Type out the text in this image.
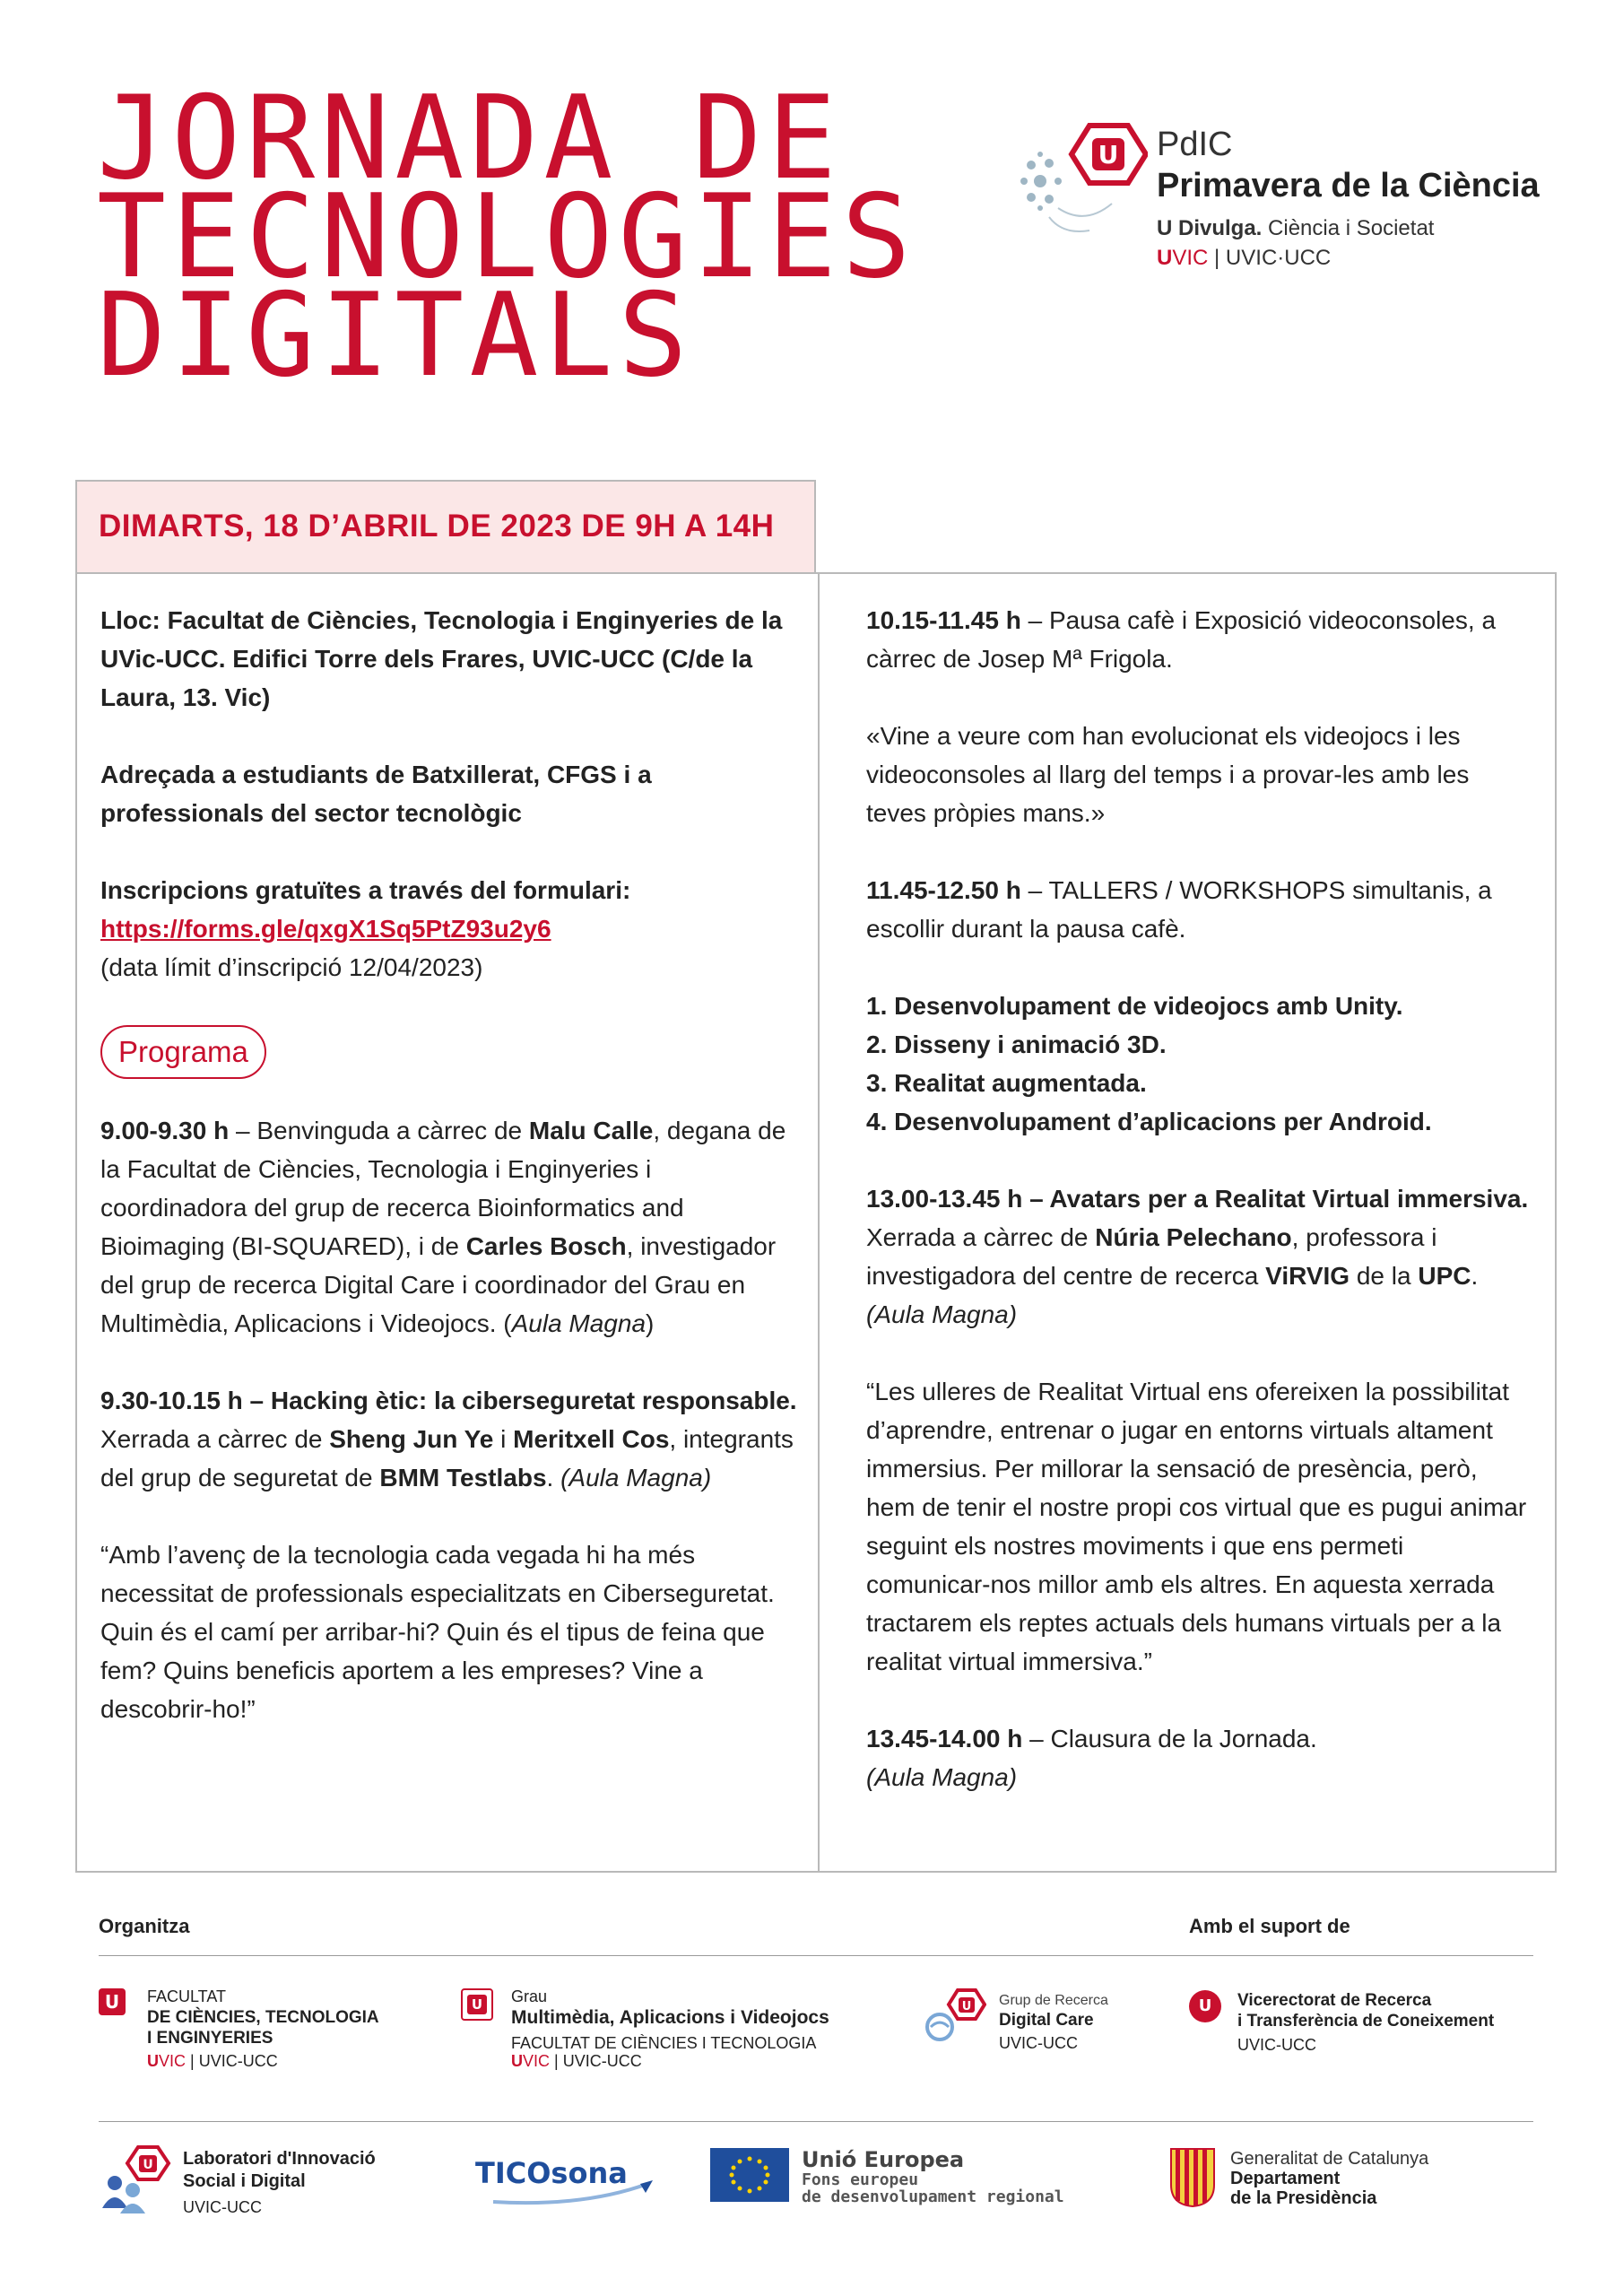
JORNADA DE
TECNOLOGIES
DIGITALS
U PdIC
Primavera de la Ciència
U Divulga. Ciència i Societat
UVIC | UVIC·UCC
DIMARTS, 18 D’ABRIL DE 2023 DE 9H A 14H

Lloc: Facultat de Ciències, Tecnologia i Enginyeries de la UVic-UCC. Edifici Torre dels Frares, UVIC-UCC (C/de la Laura, 13. Vic)

Adreçada a estudiants de Batxillerat, CFGS i a professionals del sector tecnològic

Inscripcions gratuïtes a través del formulari:
https://forms.gle/qxgX1Sq5PtZ93u2y6
(data límit d’inscripció 12/04/2023)

Programa

9.00-9.30 h – Benvinguda a càrrec de Malu Calle, degana de la Facultat de Ciències, Tecnologia i Enginyeries i coordinadora del grup de recerca Bioinformatics and Bioimaging (BI-SQUARED), i de Carles Bosch, investigador del grup de recerca Digital Care i coordinador del Grau en Multimèdia, Aplicacions i Videojocs. (Aula Magna)

9.30-10.15 h – Hacking ètic: la ciberseguretat responsable. Xerrada a càrrec de Sheng Jun Ye i Meritxell Cos, integrants del grup de seguretat de BMM Testlabs. (Aula Magna)

“Amb l’avenç de la tecnologia cada vegada hi ha més necessitat de professionals especialitzats en Ciberseguretat. Quin és el camí per arribar-hi? Quin és el tipus de feina que fem? Quins beneficis aportem a les empreses? Vine a descobrir-ho!”

10.15-11.45 h – Pausa cafè i Exposició videoconsoles, a càrrec de Josep Mª Frigola.

«Vine a veure com han evolucionat els videojocs i les videoconsoles al llarg del temps i a provar-les amb les teves pròpies mans.»

11.45-12.50 h – TALLERS / WORKSHOPS simultanis, a escollir durant la pausa cafè.

1. Desenvolupament de videojocs amb Unity.
2. Disseny i animació 3D.
3. Realitat augmentada.
4. Desenvolupament d’aplicacions per Android.

13.00-13.45 h – Avatars per a Realitat Virtual immersiva. Xerrada a càrrec de Núria Pelechano, professora i investigadora del centre de recerca ViRVIG de la UPC. (Aula Magna)

“Les ulleres de Realitat Virtual ens ofereixen la possibilitat d’aprendre, entrenar o jugar en entorns virtuals altament immersius. Per millorar la sensació de presència, però, hem de tenir el nostre propi cos virtual que es pugui animar seguint els nostres moviments i que ens permeti comunicar-nos millor amb els altres. En aquesta xerrada tractarem els reptes actuals dels humans virtuals per a la realitat virtual immersiva.”

13.45-14.00 h – Clausura de la Jornada.
(Aula Magna)

Organitza	Amb el suport de
U	FACULTAT
DE CIÈNCIES, TECNOLOGIA
I ENGINYERIES
UVIC | UVIC-UCC
U Grau
Multimèdia, Aplicacions i Videojocs
FACULTAT DE CIÈNCIES I TECNOLOGIA
UVIC | UVIC-UCC
U Grup de Recerca
Digital Care
UVIC-UCC
U Vicerectorat de Recerca
i Transferència de Coneixement
UVIC-UCC
U Laboratori d'Innovació
Social i Digital
UVIC-UCC
TICOsona	Unió Europea
Fons europeu
de desenvolupament regional
Generalitat de Catalunya
Departament
de la Presidència
